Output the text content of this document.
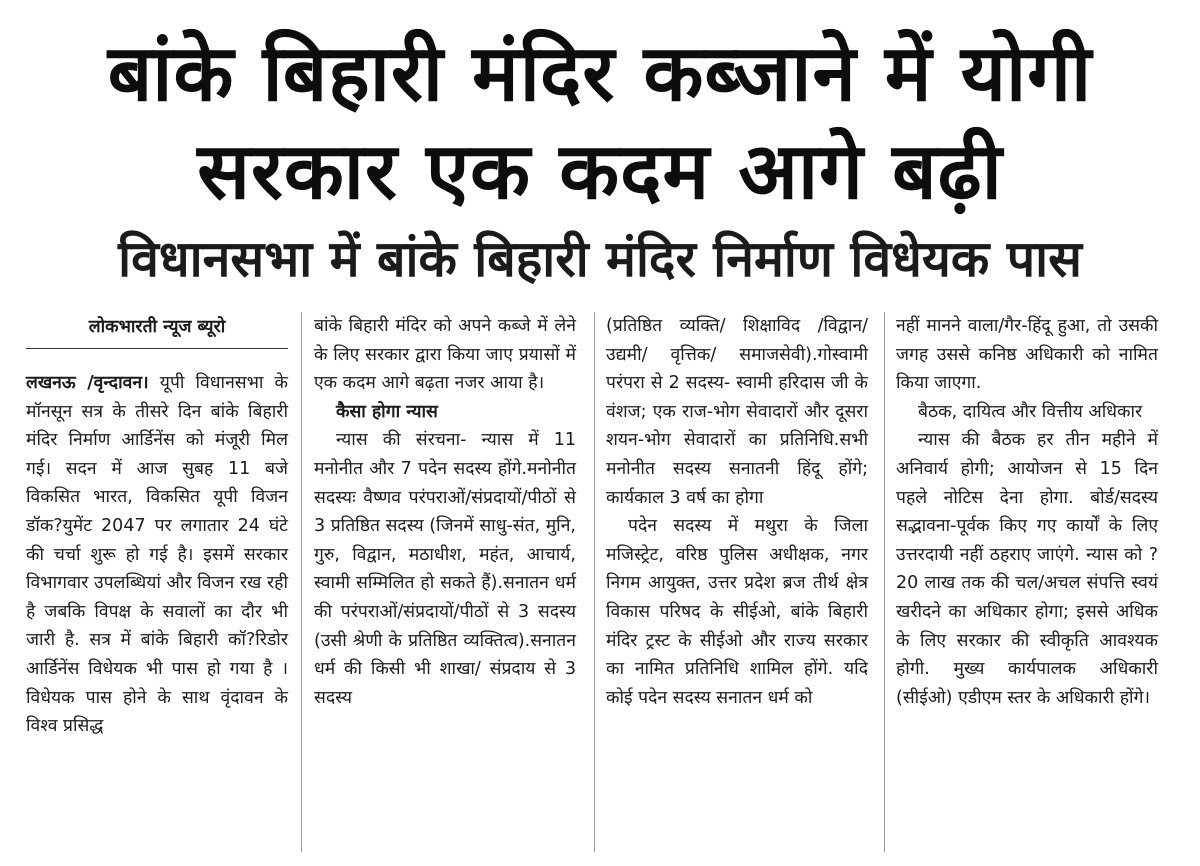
बांके बिहारी मंदिर कब्जाने में योगी
सरकार एक कदम आगे बढ़ी
विधानसभा में बांके बिहारी मंदिर निर्माण विधेयक पास

लोकभारती न्यूज ब्यूरो

लखनऊ /वृन्दावन। यूपी विधानसभा के मॉनसून सत्र के तीसरे दिन बांके बिहारी मंदिर निर्माण आर्डिनेंस को मंजूरी मिल गई। सदन में आज सुबह 11 बजे विकसित भारत, विकसित यूपी विजन डॉक?युमेंट 2047 पर लगातार 24 घंटे की चर्चा शुरू हो गई है। इसमें सरकार विभागवार उपलब्धियां और विजन रख रही है जबकि विपक्ष के सवालों का दौर भी जारी है. सत्र में बांके बिहारी कॉ?रिडोर आर्डिनेंस विधेयक भी पास हो गया है । विधेयक पास होने के साथ वृंदावन के विश्व प्रसिद्ध

बांके बिहारी मंदिर को अपने कब्जे में लेने के लिए सरकार द्वारा किया जाए प्रयासों में एक कदम आगे बढ़ता नजर आया है।

कैसा होगा न्यास

न्यास की संरचना- न्यास में 11 मनोनीत और 7 पदेन सदस्य होंगे.मनोनीत सदस्यः वैष्णव परंपराओं/संप्रदायों/पीठों से 3 प्रतिष्ठित सदस्य (जिनमें साधु-संत, मुनि, गुरु, विद्वान, मठाधीश, महंत, आचार्य, स्वामी सम्मिलित हो सकते हैं).सनातन धर्म की परंपराओं/संप्रदायों/पीठों से 3 सदस्य (उसी श्रेणी के प्रतिष्ठित व्यक्तित्व).सनातन धर्म की किसी भी शाखा/ संप्रदाय से 3 सदस्य

(प्रतिष्ठित व्यक्ति/ शिक्षाविद /विद्वान/ उद्यमी/ वृत्तिक/ समाजसेवी).गोस्वामी परंपरा से 2 सदस्य- स्वामी हरिदास जी के वंशज; एक राज-भोग सेवादारों और दूसरा शयन-भोग सेवादारों का प्रतिनिधि.सभी मनोनीत सदस्य सनातनी हिंदू होंगे; कार्यकाल 3 वर्ष का होगा

पदेन सदस्य में मथुरा के जिला मजिस्ट्रेट, वरिष्ठ पुलिस अधीक्षक, नगर निगम आयुक्त, उत्तर प्रदेश ब्रज तीर्थ क्षेत्र विकास परिषद के सीईओ, बांके बिहारी मंदिर ट्रस्ट के सीईओ और राज्य सरकार का नामित प्रतिनिधि शामिल होंगे. यदि कोई पदेन सदस्य सनातन धर्म को

नहीं मानने वाला/गैर-हिंदू हुआ, तो उसकी जगह उससे कनिष्ठ अधिकारी को नामित किया जाएगा.

बैठक, दायित्व और वित्तीय अधिकार

न्यास की बैठक हर तीन महीने में अनिवार्य होगी; आयोजन से 15 दिन पहले नोटिस देना होगा. बोर्ड/सदस्य सद्भावना-पूर्वक किए गए कार्यों के लिए उत्तरदायी नहीं ठहराए जाएंगे. न्यास को ?20 लाख तक की चल/अचल संपत्ति स्वयं खरीदने का अधिकार होगा; इससे अधिक के लिए सरकार की स्वीकृति आवश्यक होगी. मुख्य कार्यपालक अधिकारी (सीईओ) एडीएम स्तर के अधिकारी होंगे।
